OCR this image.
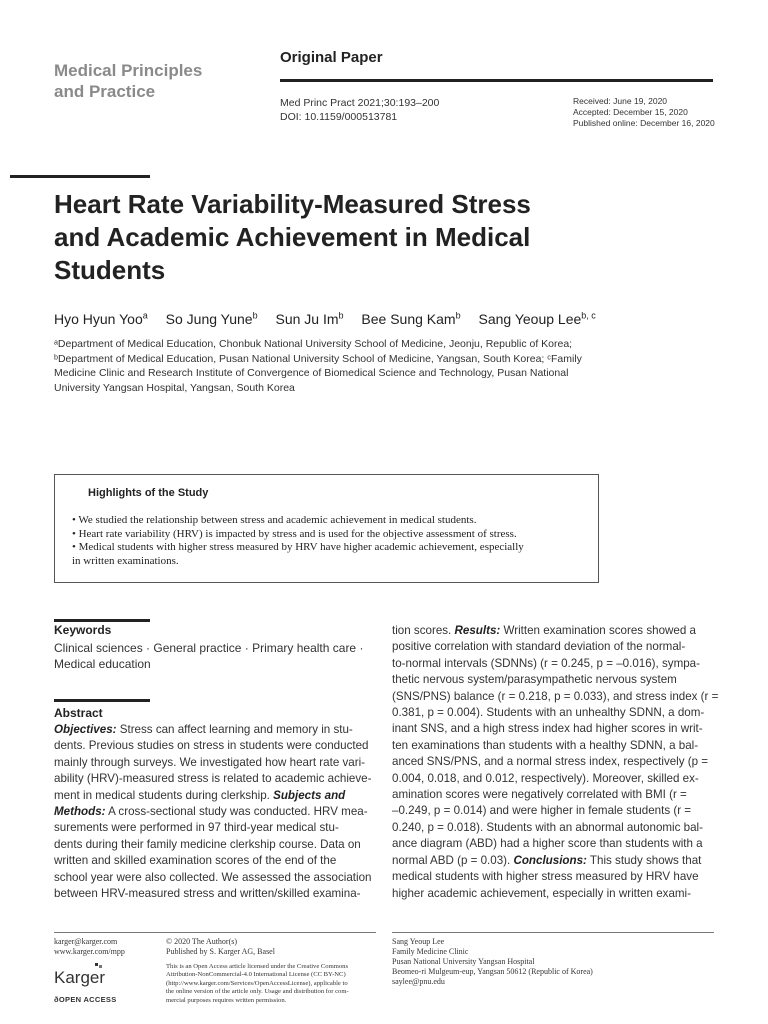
Medical Principles
and Practice
Original Paper
Med Princ Pract 2021;30:193–200
DOI: 10.1159/000513781
Received: June 19, 2020
Accepted: December 15, 2020
Published online: December 16, 2020
Heart Rate Variability-Measured Stress
and Academic Achievement in Medical
Students
Hyo Hyun Yoo$^a$ So Jung Yune$^b$ Sun Ju Im$^b$ Bee Sung Kam$^b$ Sang Yeoup Lee$^{b, c}$
ᵃDepartment of Medical Education, Chonbuk National University School of Medicine, Jeonju, Republic of Korea;
ᵇDepartment of Medical Education, Pusan National University School of Medicine, Yangsan, South Korea; ᶜFamily
Medicine Clinic and Research Institute of Convergence of Biomedical Science and Technology, Pusan National
University Yangsan Hospital, Yangsan, South Korea
Highlights of the Study
• We studied the relationship between stress and academic achievement in medical students.
• Heart rate variability (HRV) is impacted by stress and is used for the objective assessment of stress.
• Medical students with higher stress measured by HRV have higher academic achievement, especially
in written examinations.
Keywords
Clinical sciences · General practice · Primary health care ·
Medical education
Abstract
Objectives: Stress can affect learning and memory in stu-
dents. Previous studies on stress in students were conducted
mainly through surveys. We investigated how heart rate vari-
ability (HRV)-measured stress is related to academic achieve-
ment in medical students during clerkship. Subjects and
Methods: A cross-sectional study was conducted. HRV mea-
surements were performed in 97 third-year medical stu-
dents during their family medicine clerkship course. Data on
written and skilled examination scores of the end of the
school year were also collected. We assessed the association
between HRV-measured stress and written/skilled examina-
tion scores. Results: Written examination scores showed a
positive correlation with standard deviation of the normal-
to-normal intervals (SDNNs) (r = 0.245, p = –0.016), sympa-
thetic nervous system/parasympathetic nervous system
(SNS/PNS) balance (r = 0.218, p = 0.033), and stress index (r =
0.381, p = 0.004). Students with an unhealthy SDNN, a dom-
inant SNS, and a high stress index had higher scores in writ-
ten examinations than students with a healthy SDNN, a bal-
anced SNS/PNS, and a normal stress index, respectively (p =
0.004, 0.018, and 0.012, respectively). Moreover, skilled ex-
amination scores were negatively correlated with BMI (r =
–0.249, p = 0.014) and were higher in female students (r =
0.240, p = 0.018). Students with an abnormal autonomic bal-
ance diagram (ABD) had a higher score than students with a
normal ABD (p = 0.03). Conclusions: This study shows that
medical students with higher stress measured by HRV have
higher academic achievement, especially in written exami-
karger@karger.com
www.karger.com/mpp
Karger
ðOPEN ACCESS
© 2020 The Author(s)
Published by S. Karger AG, Basel
This is an Open Access article licensed under the Creative Commons
Attribution-NonCommercial-4.0 International License (CC BY-NC)
(http://www.karger.com/Services/OpenAccessLicense), applicable to
the online version of the article only. Usage and distribution for com-
mercial purposes requires written permission.
Sang Yeoup Lee
Family Medicine Clinic
Pusan National University Yangsan Hospital
Beomeo-ri Mulgeum-eup, Yangsan 50612 (Republic of Korea)
saylee@pnu.edu
